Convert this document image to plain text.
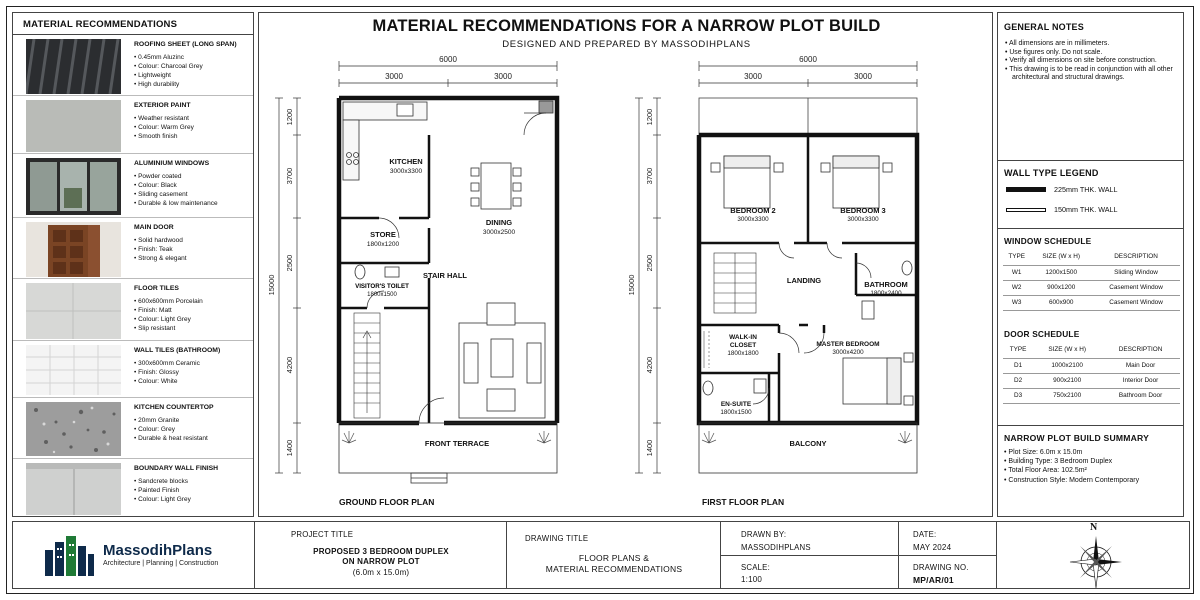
MATERIAL RECOMMENDATIONS
ROOFING SHEET (LONG SPAN)
• 0.45mm Aluzinc
• Colour: Charcoal Grey
• Lightweight
• High durability
EXTERIOR PAINT
• Weather resistant
• Colour: Warm Grey
• Smooth finish
ALUMINIUM WINDOWS
• Powder coated
• Colour: Black
• Sliding casement
• Durable & low maintenance
MAIN DOOR
• Solid hardwood
• Finish: Teak
• Strong & elegant
FLOOR TILES
• 600x600mm Porcelain
• Finish: Matt
• Colour: Light Grey
• Slip resistant
WALL TILES (BATHROOM)
• 300x600mm Ceramic
• Finish: Glossy
• Colour: White
KITCHEN COUNTERTOP
• 20mm Granite
• Colour: Grey
• Durable & heat resistant
BOUNDARY WALL FINISH
• Sandcrete blocks
• Painted Finish
• Colour: Light Grey
MATERIAL RECOMMENDATIONS FOR A NARROW PLOT BUILD
DESIGNED AND PREPARED BY MASSODIHPLANS
6000
3000	3000
1200
3700
2500
4200
1400
15000
KITCHEN
DINING
STORE
STAIR HALL
FRONT TERRACE
VISITOR'S TOILET
3000x3300
3000x2500
1800x1200
1800x1500
6000
3000	3000
1200
3700
2500
4200
1400
15000
BEDROOM 2	BEDROOM 3
LANDING	BATHROOM
MASTER BEDROOM
BALCONY
WALK-IN
CLOSET
EN-SUITE
3000x3300	3000x3300
1800x2400
1800x1800	3000x4200
1800x1500
GROUND FLOOR PLAN	FIRST FLOOR PLAN
GENERAL NOTES
• All dimensions are in millimeters.
• Use figures only. Do not scale.
• Verify all dimensions on site before construction.
• This drawing is to be read in conjunction with all other architectural and structural drawings.
WALL TYPE LEGEND
225mm THK. WALL
150mm THK. WALL
WINDOW SCHEDULE
TYPE	SIZE (W x H)	DESCRIPTION
W1	1200x1500	Sliding Window
W2	900x1200	Casement Window
W3	600x900	Casement Window
DOOR SCHEDULE
TYPE	SIZE (W x H)	DESCRIPTION
D1	1000x2100	Main Door
D2	900x2100	Interior Door
D3	750x2100	Bathroom Door
NARROW PLOT BUILD SUMMARY
• Plot Size: 6.0m x 15.0m
• Building Type: 3 Bedroom Duplex
• Total Floor Area: 102.5m²
• Construction Style: Modern Contemporary
MassodihPlans
Architecture | Planning | Construction
PROJECT TITLE
PROPOSED 3 BEDROOM DUPLEX
ON NARROW PLOT
(6.0m x 15.0m)
DRAWING TITLE
FLOOR PLANS &
MATERIAL RECOMMENDATIONS
DRAWN BY:
MASSODIHPLANS
SCALE:
1:100
DATE:
MAY 2024
DRAWING NO.
MP/AR/01
N
